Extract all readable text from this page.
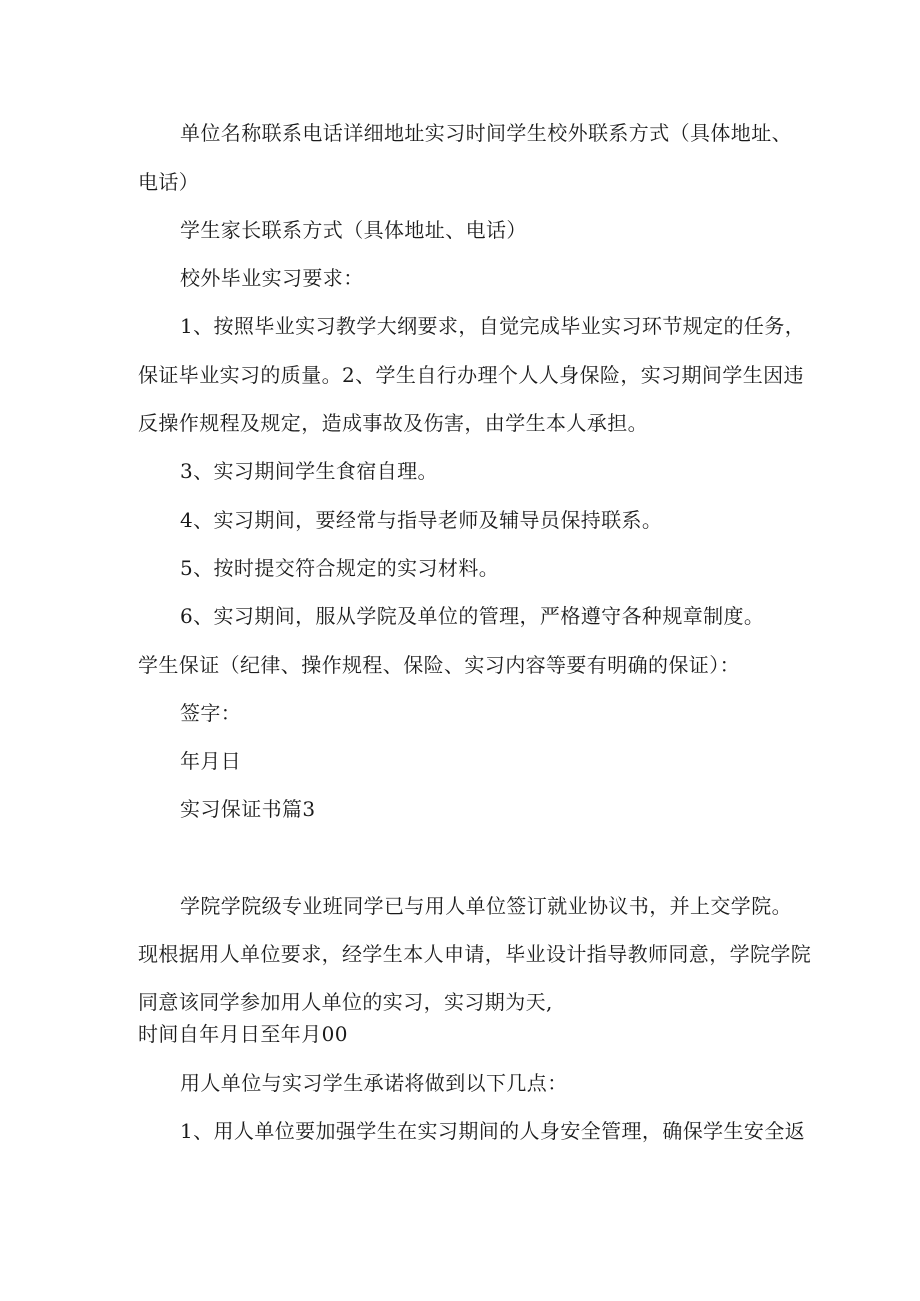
单位名称联系电话详细地址实习时间学生校外联系方式（具体地址、
电话）
学生家长联系方式（具体地址、电话）
校外毕业实习要求：
1、按照毕业实习教学大纲要求，自觉完成毕业实习环节规定的任务，
保证毕业实习的质量。2、学生自行办理个人人身保险，实习期间学生因违
反操作规程及规定，造成事故及伤害，由学生本人承担。
3、实习期间学生食宿自理。
4、实习期间，要经常与指导老师及辅导员保持联系。
5、按时提交符合规定的实习材料。
6、实习期间，服从学院及单位的管理，严格遵守各种规章制度。
学生保证（纪律、操作规程、保险、实习内容等要有明确的保证）：
签字：
年月日
实习保证书篇3
学院学院级专业班同学已与用人单位签订就业协议书，并上交学院。
现根据用人单位要求，经学生本人申请，毕业设计指导教师同意，学院学院
同意该同学参加用人单位的实习，实习期为天,
时间自年月日至年月00
用人单位与实习学生承诺将做到以下几点：
1、用人单位要加强学生在实习期间的人身安全管理，确保学生安全返
